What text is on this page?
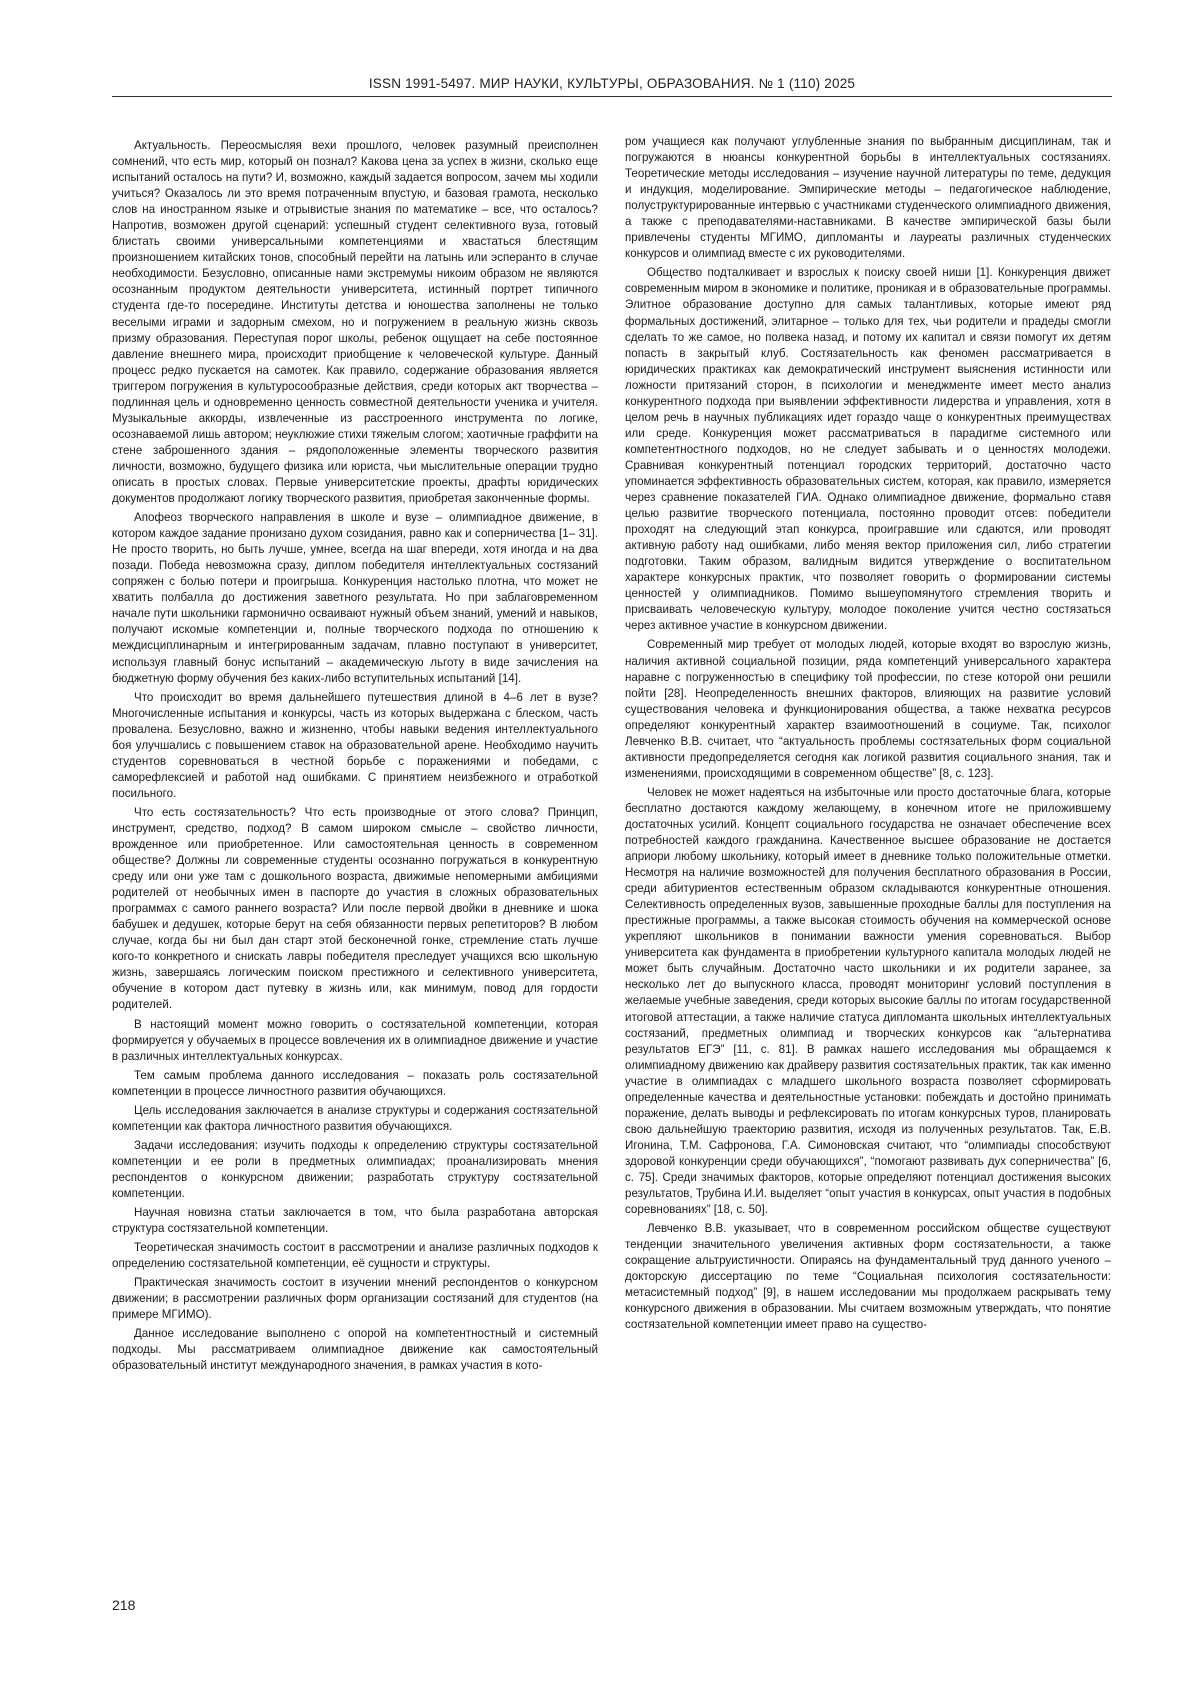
ISSN 1991-5497. МИР НАУКИ, КУЛЬТУРЫ, ОБРАЗОВАНИЯ. № 1 (110) 2025

Актуальность. Переосмысляя вехи прошлого, человек разумный преисполнен сомнений, что есть мир, который он познал? Какова цена за успех в жизни, сколько еще испытаний осталось на пути? И, возможно, каждый задается вопросом, зачем мы ходили учиться? Оказалось ли это время потраченным впустую, и базовая грамота, несколько слов на иностранном языке и отрывистые знания по математике – все, что осталось? Напротив, возможен другой сценарий: успешный студент селективного вуза, готовый блистать своими универсальными компетенциями и хвастаться блестящим произношением китайских тонов, способный перейти на латынь или эсперанто в случае необходимости. Безусловно, описанные нами экстремумы никоим образом не являются осознанным продуктом деятельности университета, истинный портрет типичного студента где-то посередине. Институты детства и юношества заполнены не только веселыми играми и задорным смехом, но и погружением в реальную жизнь сквозь призму образования. Переступая порог школы, ребенок ощущает на себе постоянное давление внешнего мира, происходит приобщение к человеческой культуре. Данный процесс редко пускается на самотек. Как правило, содержание образования является триггером погружения в культуросообразные действия, среди которых акт творчества – подлинная цель и одновременно ценность совместной деятельности ученика и учителя. Музыкальные аккорды, извлеченные из расстроенного инструмента по логике, осознаваемой лишь автором; неуклюжие стихи тяжелым слогом; хаотичные граффити на стене заброшенного здания – рядоположенные элементы творческого развития личности, возможно, будущего физика или юриста, чьи мыслительные операции трудно описать в простых словах. Первые университетские проекты, драфты юридических документов продолжают логику творческого развития, приобретая законченные формы.

Апофеоз творческого направления в школе и вузе – олимпиадное движение, в котором каждое задание пронизано духом созидания, равно как и соперничества [1– 31]. Не просто творить, но быть лучше, умнее, всегда на шаг впереди, хотя иногда и на два позади. Победа невозможна сразу, диплом победителя интеллектуальных состязаний сопряжен с болью потери и проигрыша. Конкуренция настолько плотна, что может не хватить полбалла до достижения заветного результата. Но при заблаговременном начале пути школьники гармонично осваивают нужный объем знаний, умений и навыков, получают искомые компетенции и, полные творческого подхода по отношению к междисциплинарным и интегрированным задачам, плавно поступают в университет, используя главный бонус испытаний – академическую льготу в виде зачисления на бюджетную форму обучения без каких-либо вступительных испытаний [14].

Что происходит во время дальнейшего путешествия длиной в 4–6 лет в вузе? Многочисленные испытания и конкурсы, часть из которых выдержана с блеском, часть провалена. Безусловно, важно и жизненно, чтобы навыки ведения интеллектуального боя улучшались с повышением ставок на образовательной арене. Необходимо научить студентов соревноваться в честной борьбе с поражениями и победами, с саморефлексией и работой над ошибками. С принятием неизбежного и отработкой посильного.

Что есть состязательность? Что есть производные от этого слова? Принцип, инструмент, средство, подход? В самом широком смысле – свойство личности, врожденное или приобретенное. Или самостоятельная ценность в современном обществе? Должны ли современные студенты осознанно погружаться в конкурентную среду или они уже там с дошкольного возраста, движимые непомерными амбициями родителей от необычных имен в паспорте до участия в сложных образовательных программах с самого раннего возраста? Или после первой двойки в дневнике и шока бабушек и дедушек, которые берут на себя обязанности первых репетиторов? В любом случае, когда бы ни был дан старт этой бесконечной гонке, стремление стать лучше кого-то конкретного и снискать лавры победителя преследует учащихся всю школьную жизнь, завершаясь логическим поиском престижного и селективного университета, обучение в котором даст путевку в жизнь или, как минимум, повод для гордости родителей.

В настоящий момент можно говорить о состязательной компетенции, которая формируется у обучаемых в процессе вовлечения их в олимпиадное движение и участие в различных интеллектуальных конкурсах.

Тем самым проблема данного исследования – показать роль состязательной компетенции в процессе личностного развития обучающихся.

Цель исследования заключается в анализе структуры и содержания состязательной компетенции как фактора личностного развития обучающихся.

Задачи исследования: изучить подходы к определению структуры состязательной компетенции и ее роли в предметных олимпиадах; проанализировать мнения респондентов о конкурсном движении; разработать структуру состязательной компетенции.

Научная новизна статьи заключается в том, что была разработана авторская структура состязательной компетенции.

Теоретическая значимость состоит в рассмотрении и анализе различных подходов к определению состязательной компетенции, её сущности и структуры.

Практическая значимость состоит в изучении мнений респондентов о конкурсном движении; в рассмотрении различных форм организации состязаний для студентов (на примере МГИМО).

Данное исследование выполнено с опорой на компетентностный и системный подходы. Мы рассматриваем олимпиадное движение как самостоятельный образовательный институт международного значения, в рамках участия в кото-

ром учащиеся как получают углубленные знания по выбранным дисциплинам, так и погружаются в нюансы конкурентной борьбы в интеллектуальных состязаниях. Теоретические методы исследования – изучение научной литературы по теме, дедукция и индукция, моделирование. Эмпирические методы – педагогическое наблюдение, полуструктурированные интервью с участниками студенческого олимпиадного движения, а также с преподавателями-наставниками. В качестве эмпирической базы были привлечены студенты МГИМО, дипломанты и лауреаты различных студенческих конкурсов и олимпиад вместе с их руководителями.

Общество подталкивает и взрослых к поиску своей ниши [1]. Конкуренция движет современным миром в экономике и политике, проникая и в образовательные программы. Элитное образование доступно для самых талантливых, которые имеют ряд формальных достижений, элитарное – только для тех, чьи родители и прадеды смогли сделать то же самое, но полвека назад, и потому их капитал и связи помогут их детям попасть в закрытый клуб. Состязательность как феномен рассматривается в юридических практиках как демократический инструмент выяснения истинности или ложности притязаний сторон, в психологии и менеджменте имеет место анализ конкурентного подхода при выявлении эффективности лидерства и управления, хотя в целом речь в научных публикациях идет гораздо чаще о конкурентных преимуществах или среде. Конкуренция может рассматриваться в парадигме системного или компетентностного подходов, но не следует забывать и о ценностях молодежи. Сравнивая конкурентный потенциал городских территорий, достаточно часто упоминается эффективность образовательных систем, которая, как правило, измеряется через сравнение показателей ГИА. Однако олимпиадное движение, формально ставя целью развитие творческого потенциала, постоянно проводит отсев: победители проходят на следующий этап конкурса, проигравшие или сдаются, или проводят активную работу над ошибками, либо меняя вектор приложения сил, либо стратегии подготовки. Таким образом, валидным видится утверждение о воспитательном характере конкурсных практик, что позволяет говорить о формировании системы ценностей у олимпиадников. Помимо вышеупомянутого стремления творить и присваивать человеческую культуру, молодое поколение учится честно состязаться через активное участие в конкурсном движении.

Современный мир требует от молодых людей, которые входят во взрослую жизнь, наличия активной социальной позиции, ряда компетенций универсального характера наравне с погруженностью в специфику той профессии, по стезе которой они решили пойти [28]. Неопределенность внешних факторов, влияющих на развитие условий существования человека и функционирования общества, а также нехватка ресурсов определяют конкурентный характер взаимоотношений в социуме. Так, психолог Левченко В.В. считает, что “актуальность проблемы состязательных форм социальной активности предопределяется сегодня как логикой развития социального знания, так и изменениями, происходящими в современном обществе” [8, с. 123].

Человек не может надеяться на избыточные или просто достаточные блага, которые бесплатно достаются каждому желающему, в конечном итоге не приложившему достаточных усилий. Концепт социального государства не означает обеспечение всех потребностей каждого гражданина. Качественное высшее образование не достается априори любому школьнику, который имеет в дневнике только положительные отметки. Несмотря на наличие возможностей для получения бесплатного образования в России, среди абитуриентов естественным образом складываются конкурентные отношения. Селективность определенных вузов, завышенные проходные баллы для поступления на престижные программы, а также высокая стоимость обучения на коммерческой основе укрепляют школьников в понимании важности умения соревноваться. Выбор университета как фундамента в приобретении культурного капитала молодых людей не может быть случайным. Достаточно часто школьники и их родители заранее, за несколько лет до выпускного класса, проводят мониторинг условий поступления в желаемые учебные заведения, среди которых высокие баллы по итогам государственной итоговой аттестации, а также наличие статуса дипломанта школьных интеллектуальных состязаний, предметных олимпиад и творческих конкурсов как “альтернатива результатов ЕГЭ” [11, с. 81]. В рамках нашего исследования мы обращаемся к олимпиадному движению как драйверу развития состязательных практик, так как именно участие в олимпиадах с младшего школьного возраста позволяет сформировать определенные качества и деятельностные установки: побеждать и достойно принимать поражение, делать выводы и рефлексировать по итогам конкурсных туров, планировать свою дальнейшую траекторию развития, исходя из полученных результатов. Так, Е.В. Игонина, Т.М. Сафронова, Г.А. Симоновская считают, что “олимпиады способствуют здоровой конкуренции среди обучающихся”, “помогают развивать дух соперничества” [6, с. 75]. Среди значимых факторов, которые определяют потенциал достижения высоких результатов, Трубина И.И. выделяет “опыт участия в конкурсах, опыт участия в подобных соревнованиях” [18, с. 50].

Левченко В.В. указывает, что в современном российском обществе существуют тенденции значительного увеличения активных форм состязательности, а также сокращение альтруистичности. Опираясь на фундаментальный труд данного ученого – докторскую диссертацию по теме “Социальная психология состязательности: метасистемный подход” [9], в нашем исследовании мы продолжаем раскрывать тему конкурсного движения в образовании. Мы считаем возможным утверждать, что понятие состязательной компетенции имеет право на существо-

218
